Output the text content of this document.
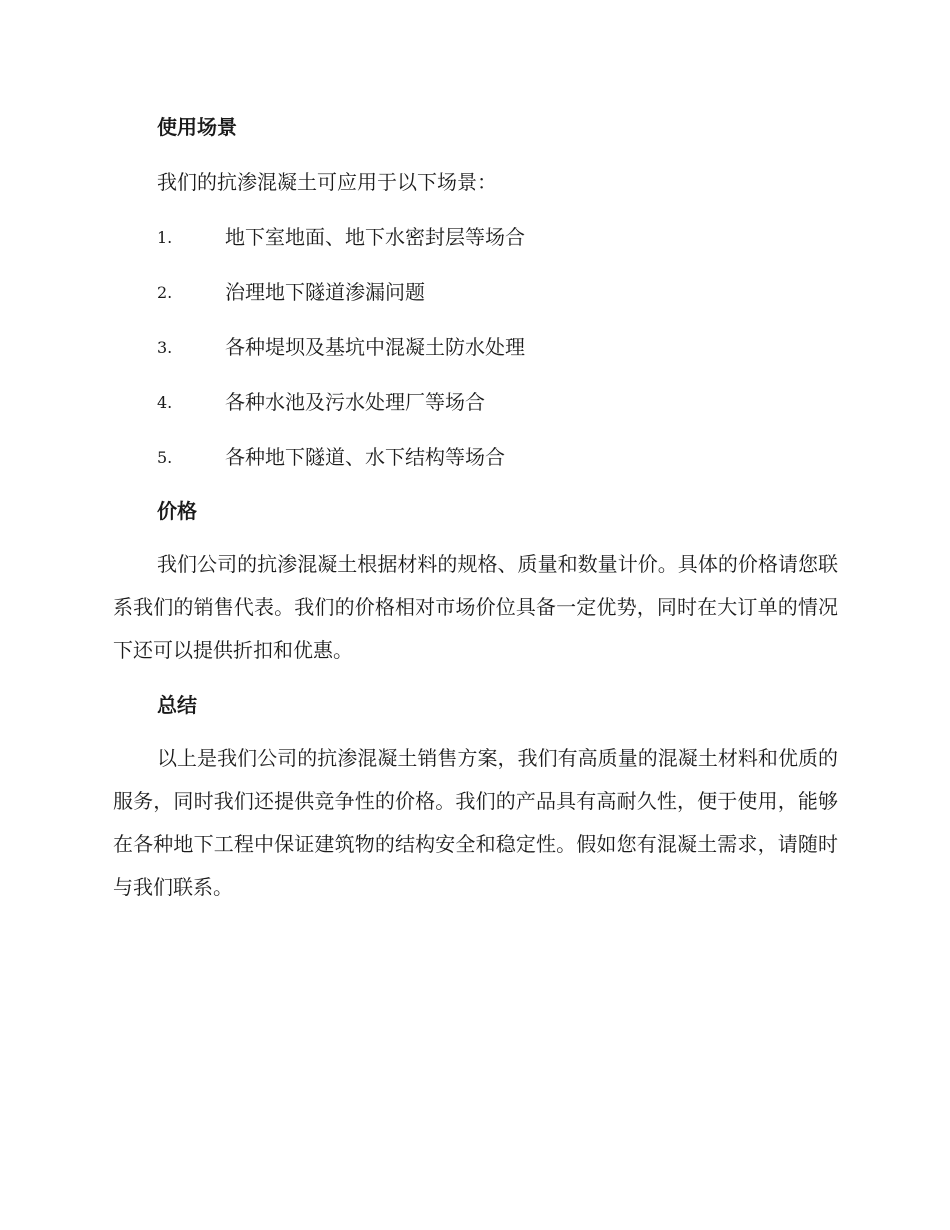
使用场景
我们的抗渗混凝土可应用于以下场景：
1.	地下室地面、地下水密封层等场合
2.	治理地下隧道渗漏问题
3.	各种堤坝及基坑中混凝土防水处理
4.	各种水池及污水处理厂等场合
5.	各种地下隧道、水下结构等场合
价格
我们公司的抗渗混凝土根据材料的规格、质量和数量计价。具体的价格请您联系我们的销售代表。我们的价格相对市场价位具备一定优势，同时在大订单的情况下还可以提供折扣和优惠。
总结
以上是我们公司的抗渗混凝土销售方案，我们有高质量的混凝土材料和优质的服务，同时我们还提供竞争性的价格。我们的产品具有高耐久性，便于使用，能够在各种地下工程中保证建筑物的结构安全和稳定性。假如您有混凝土需求，请随时与我们联系。
